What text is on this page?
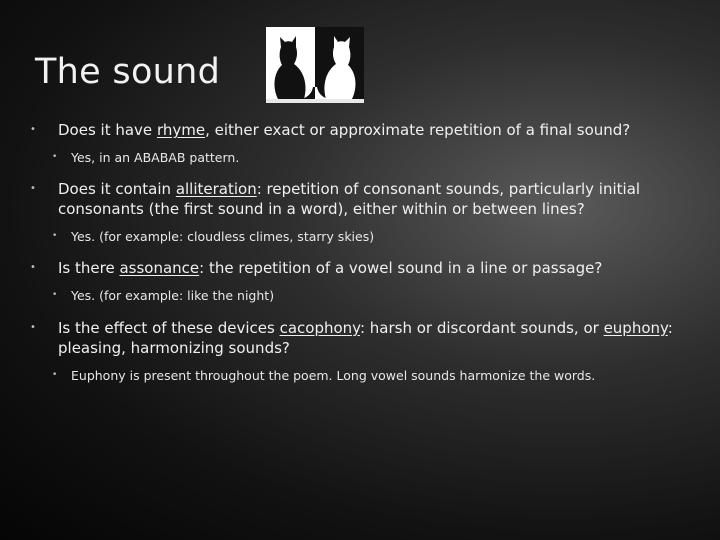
The sound
• Does it have rhyme, either exact or approximate repetition of a final sound?
• Yes, in an ABABAB pattern.
• Does it contain alliteration: repetition of consonant sounds, particularly initial consonants (the first sound in a word), either within or between lines?
• Yes. (for example: cloudless climes, starry skies)
• Is there assonance: the repetition of a vowel sound in a line or passage?
• Yes. (for example: like the night)
• Is the effect of these devices cacophony: harsh or discordant sounds, or euphony: pleasing, harmonizing sounds?
• Euphony is present throughout the poem. Long vowel sounds harmonize the words.
